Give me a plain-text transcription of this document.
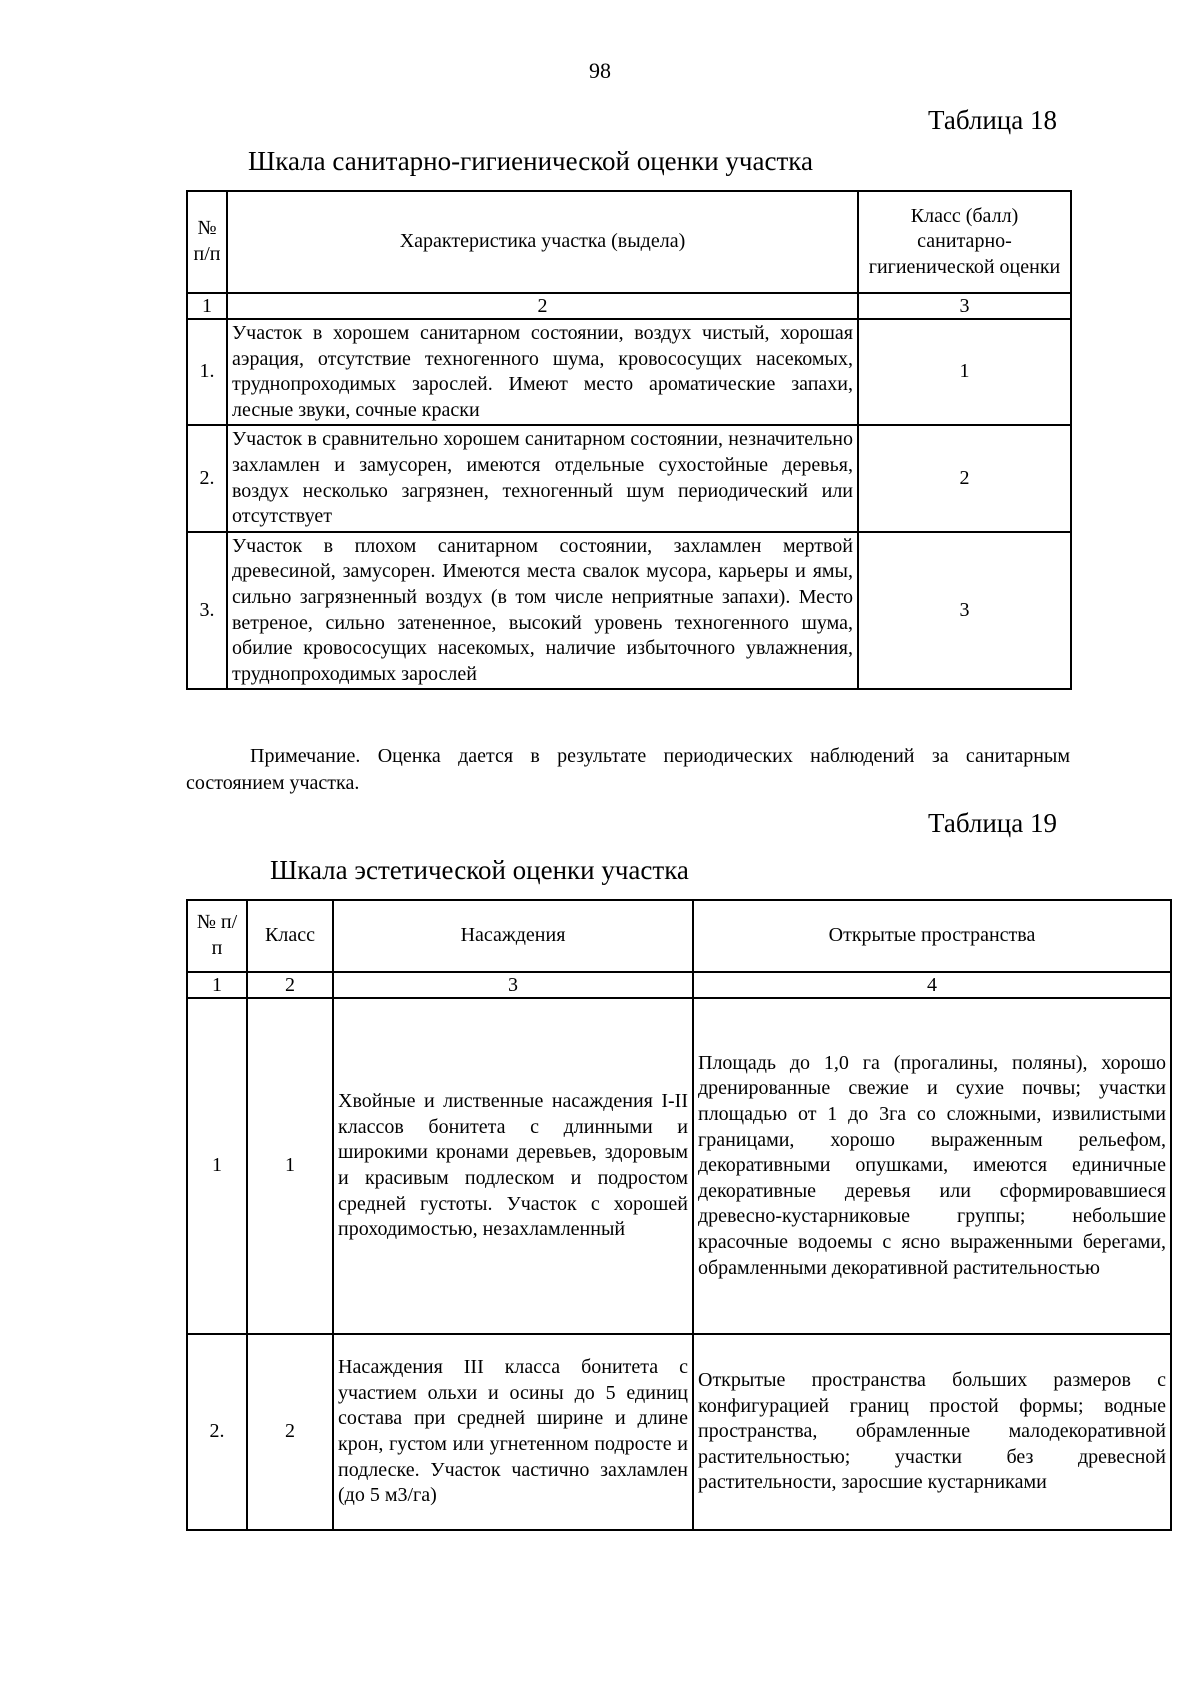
98
Таблица 18
Шкала санитарно-гигиенической оценки участка
№ п/п	Характеристика участка (выдела)	Класс (балл) санитарно-гигиенической оценки
1	2	3
1.	Участок в хорошем санитарном состоянии, воздух чистый, хорошая аэрация, отсутствие техногенного шума, кровососущих насекомых, труднопроходимых зарослей. Имеют место ароматические запахи, лесные звуки, сочные краски	1
2.	Участок в сравнительно хорошем санитарном состоянии, незначительно захламлен и замусорен, имеются отдельные сухостойные деревья, воздух несколько загрязнен, техногенный шум периодический или отсутствует	2
3.	Участок в плохом санитарном состоянии, захламлен мертвой древесиной, замусорен. Имеются места свалок мусора, карьеры и ямы, сильно загрязненный воздух (в том числе неприятные запахи). Место ветреное, сильно затененное, высокий уровень техногенного шума, обилие кровососущих насекомых, наличие избыточного увлажнения, труднопроходимых зарослей	3
Примечание. Оценка дается в результате периодических наблюдений за санитарным состоянием участка.
Таблица 19
Шкала эстетической оценки участка
№ п/п	Класс	Насаждения	Открытые пространства
1	2	3	4
1	1	Хвойные и лиственные насаждения I-II классов бонитета с длинными и широкими кронами деревьев, здоровым и красивым подлеском и подростом средней густоты. Участок с хорошей проходимостью, незахламленный	Площадь до 1,0 га (прогалины, поляны), хорошо дренированные свежие и сухие почвы; участки площадью от 1 до 3га со сложными, извилистыми границами, хорошо выраженным рельефом, декоративными опушками, имеются единичные декоративные деревья или сформировавшиеся древесно-кустарниковые группы; небольшие красочные водоемы с ясно выраженными берегами, обрамленными декоративной растительностью
2.	2	Насаждения III класса бонитета с участием ольхи и осины до 5 единиц состава при средней ширине и длине крон, густом или угнетенном подросте и подлеске. Участок частично захламлен (до 5 м3/га)	Открытые пространства больших размеров с конфигурацией границ простой формы; водные пространства, обрамленные малодекоративной растительностью; участки без древесной растительности, заросшие кустарниками
